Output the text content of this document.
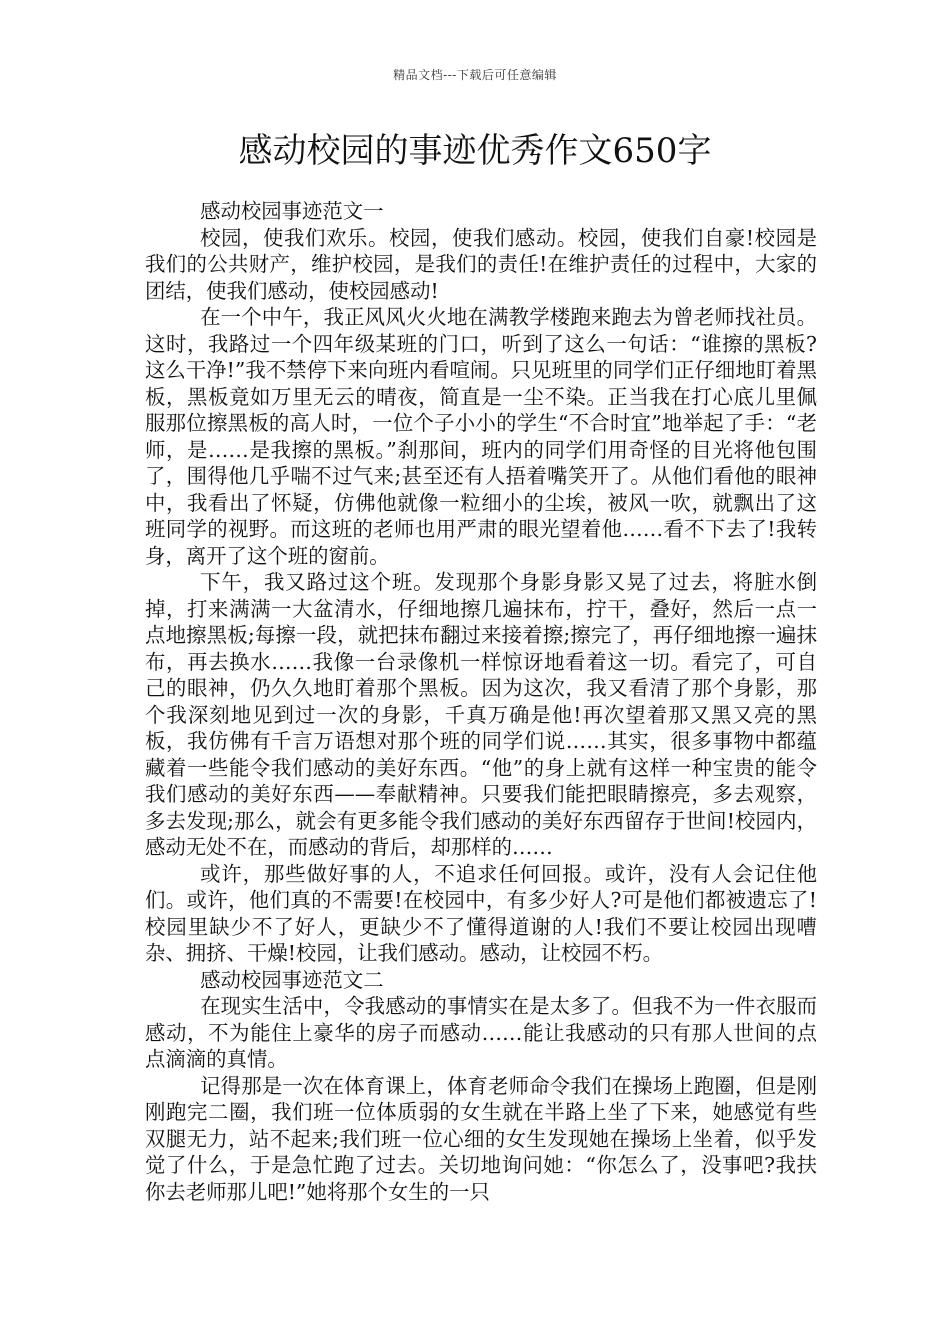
精品文档---下载后可任意编辑
感动校园的事迹优秀作文650字

感动校园事迹范文一

校园，使我们欢乐。校园，使我们感动。校园，使我们自豪!校园是我们的公共财产，维护校园，是我们的责任!在维护责任的过程中，大家的团结，使我们感动，使校园感动!

在一个中午，我正风风火火地在满教学楼跑来跑去为曾老师找社员。这时，我路过一个四年级某班的门口，听到了这么一句话：“谁擦的黑板?这么干净!”我不禁停下来向班内看喧闹。只见班里的同学们正仔细地盯着黑板，黑板竟如万里无云的晴夜，简直是一尘不染。正当我在打心底儿里佩服那位擦黑板的高人时，一位个子小小的学生“不合时宜”地举起了手：“老师，是……是我擦的黑板。”刹那间，班内的同学们用奇怪的目光将他包围了，围得他几乎喘不过气来;甚至还有人捂着嘴笑开了。从他们看他的眼神中，我看出了怀疑，仿佛他就像一粒细小的尘埃，被风一吹，就飘出了这班同学的视野。而这班的老师也用严肃的眼光望着他……看不下去了!我转身，离开了这个班的窗前。

下午，我又路过这个班。发现那个身影身影又晃了过去，将脏水倒掉，打来满满一大盆清水，仔细地擦几遍抹布，拧干，叠好，然后一点一点地擦黑板;每擦一段，就把抹布翻过来接着擦;擦完了，再仔细地擦一遍抹布，再去换水……我像一台录像机一样惊讶地看着这一切。看完了，可自己的眼神，仍久久地盯着那个黑板。因为这次，我又看清了那个身影，那个我深刻地见到过一次的身影，千真万确是他!再次望着那又黑又亮的黑板，我仿佛有千言万语想对那个班的同学们说……其实，很多事物中都蕴藏着一些能令我们感动的美好东西。“他”的身上就有这样一种宝贵的能令我们感动的美好东西——奉献精神。只要我们能把眼睛擦亮，多去观察，多去发现;那么，就会有更多能令我们感动的美好东西留存于世间!校园内，感动无处不在，而感动的背后，却那样的……

或许，那些做好事的人，不追求任何回报。或许，没有人会记住他们。或许，他们真的不需要!在校园中，有多少好人?可是他们都被遗忘了!校园里缺少不了好人，更缺少不了懂得道谢的人!我们不要让校园出现嘈杂、拥挤、干燥!校园，让我们感动。感动，让校园不朽。

感动校园事迹范文二

在现实生活中，令我感动的事情实在是太多了。但我不为一件衣服而感动，不为能住上豪华的房子而感动……能让我感动的只有那人世间的点点滴滴的真情。

记得那是一次在体育课上，体育老师命令我们在操场上跑圈，但是刚刚跑完二圈，我们班一位体质弱的女生就在半路上坐了下来，她感觉有些双腿无力，站不起来;我们班一位心细的女生发现她在操场上坐着，似乎发觉了什么，于是急忙跑了过去。关切地询问她：“你怎么了，没事吧?我扶你去老师那儿吧!”她将那个女生的一只
